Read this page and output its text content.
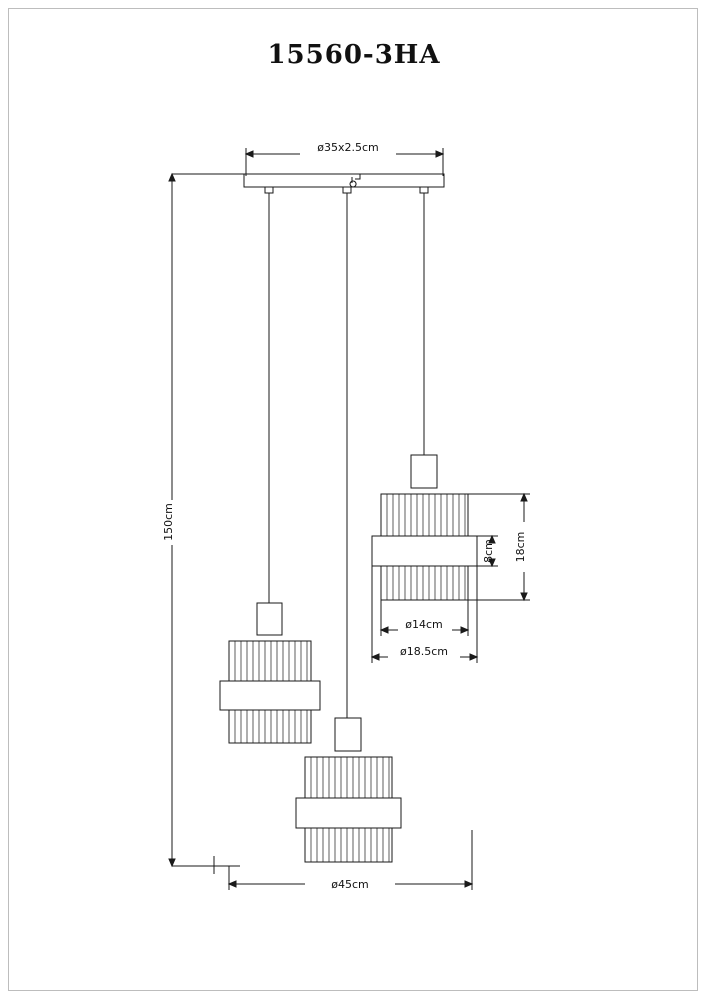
15560-3HA
ø35x2.5cm
150cm
18cm
8cm
ø14cm
ø18.5cm
ø45cm
